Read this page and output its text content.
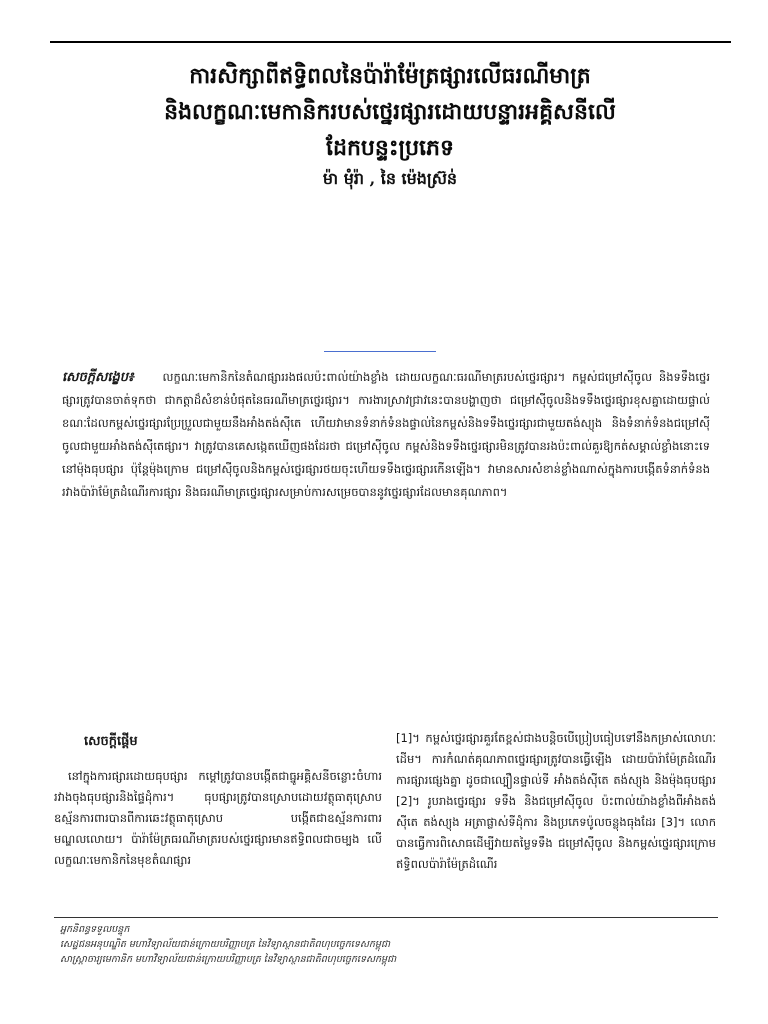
ការសិក្សាពីឥទ្ធិពលនៃប៉ារ៉ាម៉ែត្រផ្សារលើធរណីមាត្រ
និងលក្ខណៈមេកានិករបស់ថ្នេរផ្សារដោយបន្ទារអគ្គិសនីលើ
ដែកបន្ទះប្រភេទ
ម៉ា មុំរ៉ា , នៃ ម៉េងស្រ៊ន់
សេចក្តីសង្ខេប៖	លក្ខណៈមេកានិកនៃតំណផ្សាររងផលប៉ះពាល់យ៉ាងខ្លាំង ដោយលក្ខណៈធរណីមាត្ររបស់ថ្នេរផ្សារ។ កម្ពស់ជម្រៅស៊ីចូល និងទទឹងថ្នេរផ្សារត្រូវបានចាត់ទុកថា ជាកត្តាដ៏សំខាន់បំផុតនៃធរណីមាត្រថ្នេរផ្សារ។ ការងារស្រាវជ្រាវនេះបានបង្ហាញថា ជម្រៅស៊ីចូលនិងទទឹងថ្នេរផ្សារខុសគ្នាដោយផ្ទាល់ ខណៈដែលកម្ពស់ថ្នេរផ្សារប្រែប្រួលជាមួយនឹងអាំងតង់ស៊ីតេ ហើយវាមានទំនាក់ទំនងផ្ទាល់នៃកម្ពស់និងទទឹងថ្នេរផ្សារជាមួយតង់ស្យុង និងទំនាក់ទំនងជម្រៅស៊ីចូលជាមួយអាំងតង់ស៊ីតេផ្សារ។ វាត្រូវបានគេសង្កេតឃើញផងដែរថា ជម្រៅស៊ីចូល កម្ពស់និងទទឹងថ្នេរផ្សារមិនត្រូវបានរងប៉ះពាល់គួរឱ្យកត់សម្គាល់ខ្លាំងនោះទេនៅម៉ុងធុបផ្សារ ប៉ុន្តែម៉ុងក្រោម ជម្រៅស៊ីចូលនិងកម្ពស់ថ្នេរផ្សារថយចុះហើយទទឹងថ្នេរផ្សារកើនឡើង។ វាមានសារសំខាន់ខ្លាំងណាស់ក្នុងការបង្កើតទំនាក់ទំនងរវាងប៉ារ៉ាម៉ែត្រដំណើរការផ្សារ និងធរណីមាត្រថ្នេរផ្សារសម្រាប់ការសម្រេចបាននូវថ្នេរផ្សារដែលមានគុណភាព។
សេចក្តីផ្តើម

នៅក្នុងការផ្សារដោយធុបផ្សារ កម្តៅត្រូវបានបង្កើតជាធ្នូអគ្គិសនីចន្លោះចំហាររវាងចុងធុបផ្សារនិងផ្ទៃដុំការ។ ធុបផ្សារត្រូវបានស្រោបដោយវត្ថុធាតុស្រោប ឧស្ម័នការពារបានពីការឆេះវត្ថុធាតុស្រោប បង្កើតជាឧស្ម័នការពារមណ្ឌលលោយ។ ប៉ារ៉ាម៉ែត្រធរណីមាត្ររបស់ថ្នេរផ្សារមានឥទ្ធិពលជាចម្បង លើលក្ខណៈមេកានិកនៃមុខតំណផ្សារ

[1]។ កម្ពស់ថ្នេរផ្សារគួរតែខ្ពស់ជាងបន្តិចបើប្រៀបធៀបទៅនឹងកម្រាស់លោហៈដើម។ ការកំណត់គុណភាពថ្នេរផ្សារត្រូវបានធ្វើឡើង ដោយប៉ារ៉ាម៉ែត្រដំណើរការផ្សារផ្សេងគ្នា ដូចជាល្បឿនផ្ទាល់ទី អាំងតង់ស៊ីតេ តង់ស្យុង និងម៉ុងធុបផ្សារ [2]។ រូបរាងថ្នេរផ្សារ ទទឹង និងជម្រៅស៊ីចូល ប៉ះពាល់យ៉ាងខ្លាំងពីអាំងតង់ស៊ីតេ តង់ស្យុង អត្រាផ្លាស់ទីដុំការ និងប្រភេទប៉ូលចន្លុងធុងដែរ [3]។ លោក បានធ្វើការពិសោធដើម្បីវាយតម្លៃទទឹង ជម្រៅស៊ីចូល និងកម្ពស់ថ្នេរផ្សារក្រោមឥទ្ធិពលប៉ារ៉ាម៉ែត្រដំណើរ

អ្នកនិពន្ធទទួលបន្ទុក
សេដ្ឋជនអនុបណ្ឌិត មហាវិទ្យាល័យជាន់ក្រោយបរិញ្ញាបត្រ នៃវិទ្យាស្ថានជាតិពហុបច្ចេកទេសកម្ពុជា
សាស្ត្រាចារ្យមេកានិក មហាវិទ្យាល័យជាន់ក្រោយបរិញ្ញាបត្រ នៃវិទ្យាស្ថានជាតិពហុបច្ចេកទេសកម្ពុជា
